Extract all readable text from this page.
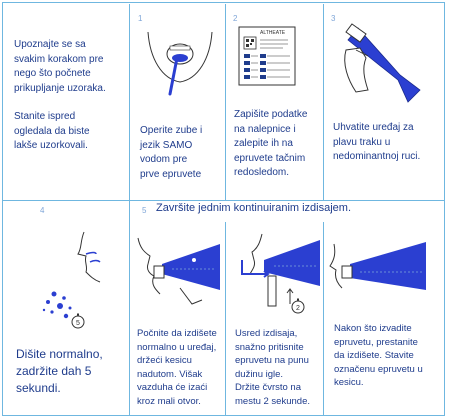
Upoznajte se sa
svakim korakom pre
nego što počnete
prikupljanje uzoraka.
Stanite ispred
ogledala da biste
lakše uzorkovali.
1
Operite zube i
jezik SAMO
vodom pre
prve epruvete
2
ALTHEATE
Zapišite podatke
na nalepnice i
zalepite ih na
epruvete tačnim
redosledom.
3
Uhvatite uređaj za
plavu traku u
nedominantnoj ruci.
4
5
Dišite normalno,
zadržite dah 5
sekundi.
5 Završite jednim kontinuiranim izdisajem.
Počnite da izdišete
normalno u uređaj,
držeći kesicu
nadutom. Višak
vazduha će izaći
kroz mali otvor.
2
Usred izdisaja,
snažno pritisnite
epruvetu na punu
dužinu igle.
Držite čvrsto na
mestu 2 sekunde.
Nakon što izvadite
epruvetu, prestanite
da izdišete. Stavite
označenu epruvetu u
kesicu.
